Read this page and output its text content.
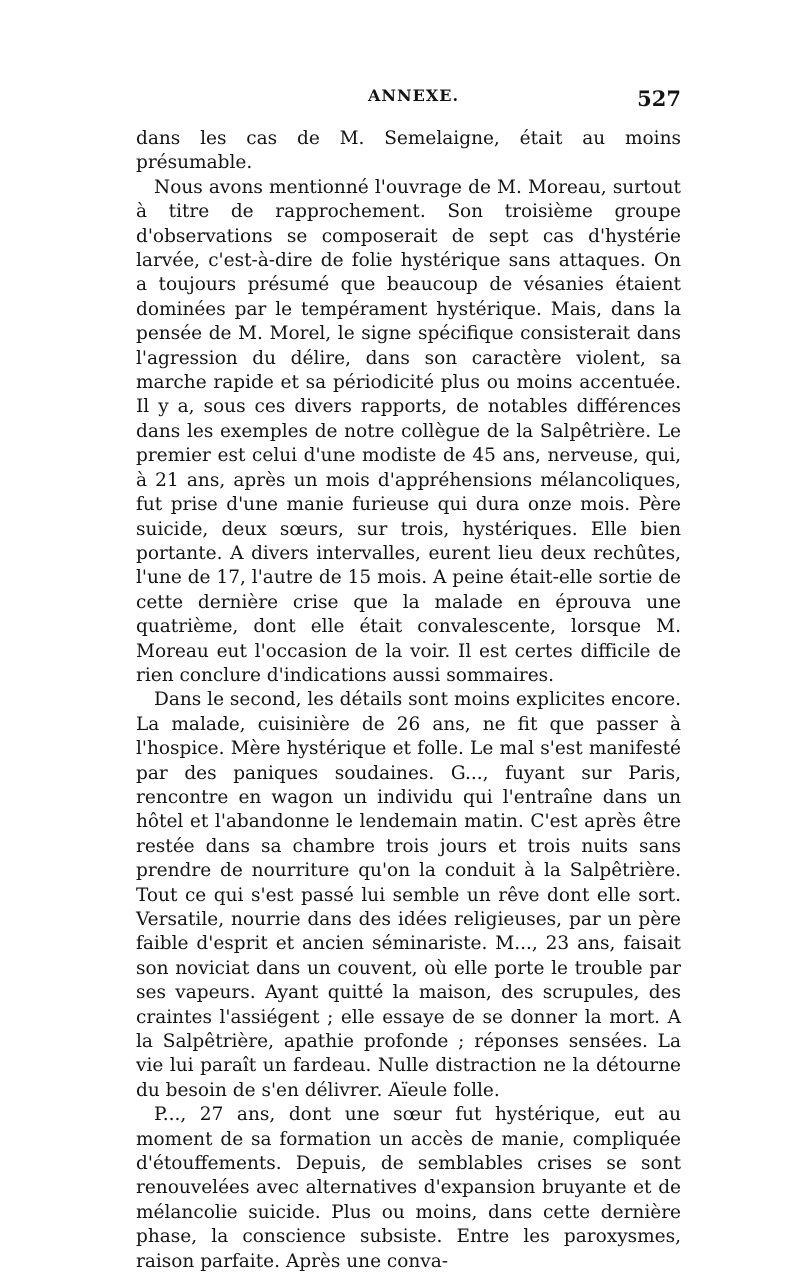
ANNEXE.	527

dans les cas de M. Semelaigne, était au moins présumable.

Nous avons mentionné l'ouvrage de M. Moreau, surtout à titre de rapprochement. Son troisième groupe d'observations se composerait de sept cas d'hystérie larvée, c'est-à-dire de folie hystérique sans attaques. On a toujours présumé que beaucoup de vésanies étaient dominées par le tempérament hystérique. Mais, dans la pensée de M. Morel, le signe spécifique consisterait dans l'agression du délire, dans son caractère violent, sa marche rapide et sa périodicité plus ou moins accentuée. Il y a, sous ces divers rapports, de notables différences dans les exemples de notre collègue de la Salpêtrière. Le premier est celui d'une modiste de 45 ans, nerveuse, qui, à 21 ans, après un mois d'appréhensions mélancoliques, fut prise d'une manie furieuse qui dura onze mois. Père suicide, deux sœurs, sur trois, hystériques. Elle bien portante. A divers intervalles, eurent lieu deux rechûtes, l'une de 17, l'autre de 15 mois. A peine était-elle sortie de cette dernière crise que la malade en éprouva une quatrième, dont elle était convalescente, lorsque M. Moreau eut l'occasion de la voir. Il est certes difficile de rien conclure d'indications aussi sommaires.

Dans le second, les détails sont moins explicites encore. La malade, cuisinière de 26 ans, ne fit que passer à l'hospice. Mère hystérique et folle. Le mal s'est manifesté par des paniques soudaines. G..., fuyant sur Paris, rencontre en wagon un individu qui l'entraîne dans un hôtel et l'abandonne le lendemain matin. C'est après être restée dans sa chambre trois jours et trois nuits sans prendre de nourriture qu'on la conduit à la Salpêtrière. Tout ce qui s'est passé lui semble un rêve dont elle sort. Versatile, nourrie dans des idées religieuses, par un père faible d'esprit et ancien séminariste. M..., 23 ans, faisait son noviciat dans un couvent, où elle porte le trouble par ses vapeurs. Ayant quitté la maison, des scrupules, des craintes l'assiégent ; elle essaye de se donner la mort. A la Salpêtrière, apathie profonde ; réponses sensées. La vie lui paraît un fardeau. Nulle distraction ne la détourne du besoin de s'en délivrer. Aïeule folle.

P..., 27 ans, dont une sœur fut hystérique, eut au moment de sa formation un accès de manie, compliquée d'étouffements. Depuis, de semblables crises se sont renouvelées avec alternatives d'expansion bruyante et de mélancolie suicide. Plus ou moins, dans cette dernière phase, la conscience subsiste. Entre les paroxysmes, raison parfaite. Après une conva-
